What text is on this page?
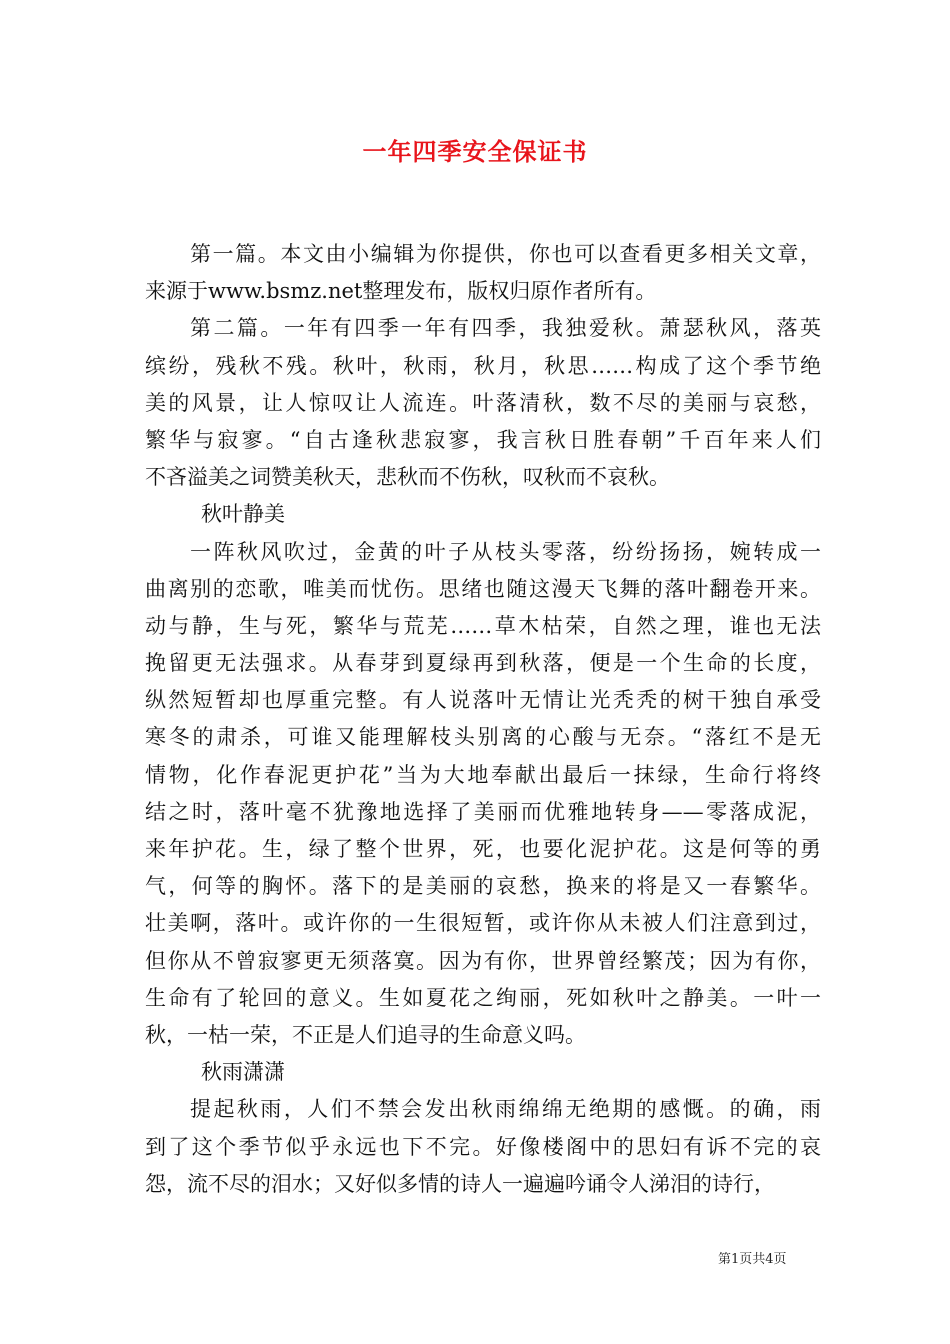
一年四季安全保证书
第一篇。本文由小编辑为你提供，你也可以查看更多相关文章，
来源于www.bsmz.net整理发布，版权归原作者所有。
第二篇。一年有四季一年有四季，我独爱秋。萧瑟秋风，落英
缤纷，残秋不残。秋叶，秋雨，秋月，秋思……构成了这个季节绝
美的风景，让人惊叹让人流连。叶落清秋，数不尽的美丽与哀愁，
繁华与寂寥。“自古逢秋悲寂寥，我言秋日胜春朝”千百年来人们
不吝溢美之词赞美秋天，悲秋而不伤秋，叹秋而不哀秋。
秋叶静美
一阵秋风吹过，金黄的叶子从枝头零落，纷纷扬扬，婉转成一
曲离别的恋歌，唯美而忧伤。思绪也随这漫天飞舞的落叶翻卷开来。
动与静，生与死，繁华与荒芜……草木枯荣，自然之理，谁也无法
挽留更无法强求。从春芽到夏绿再到秋落，便是一个生命的长度，
纵然短暂却也厚重完整。有人说落叶无情让光秃秃的树干独自承受
寒冬的肃杀，可谁又能理解枝头别离的心酸与无奈。“落红不是无
情物，化作春泥更护花”当为大地奉献出最后一抹绿，生命行将终
结之时，落叶毫不犹豫地选择了美丽而优雅地转身——零落成泥，
来年护花。生，绿了整个世界，死，也要化泥护花。这是何等的勇
气，何等的胸怀。落下的是美丽的哀愁，换来的将是又一春繁华。
壮美啊，落叶。或许你的一生很短暂，或许你从未被人们注意到过，
但你从不曾寂寥更无须落寞。因为有你，世界曾经繁茂；因为有你，
生命有了轮回的意义。生如夏花之绚丽，死如秋叶之静美。一叶一
秋，一枯一荣，不正是人们追寻的生命意义吗。
秋雨潇潇
提起秋雨，人们不禁会发出秋雨绵绵无绝期的感慨。的确，雨
到了这个季节似乎永远也下不完。好像楼阁中的思妇有诉不完的哀
怨，流不尽的泪水；又好似多情的诗人一遍遍吟诵令人涕泪的诗行，
第1页共4页
